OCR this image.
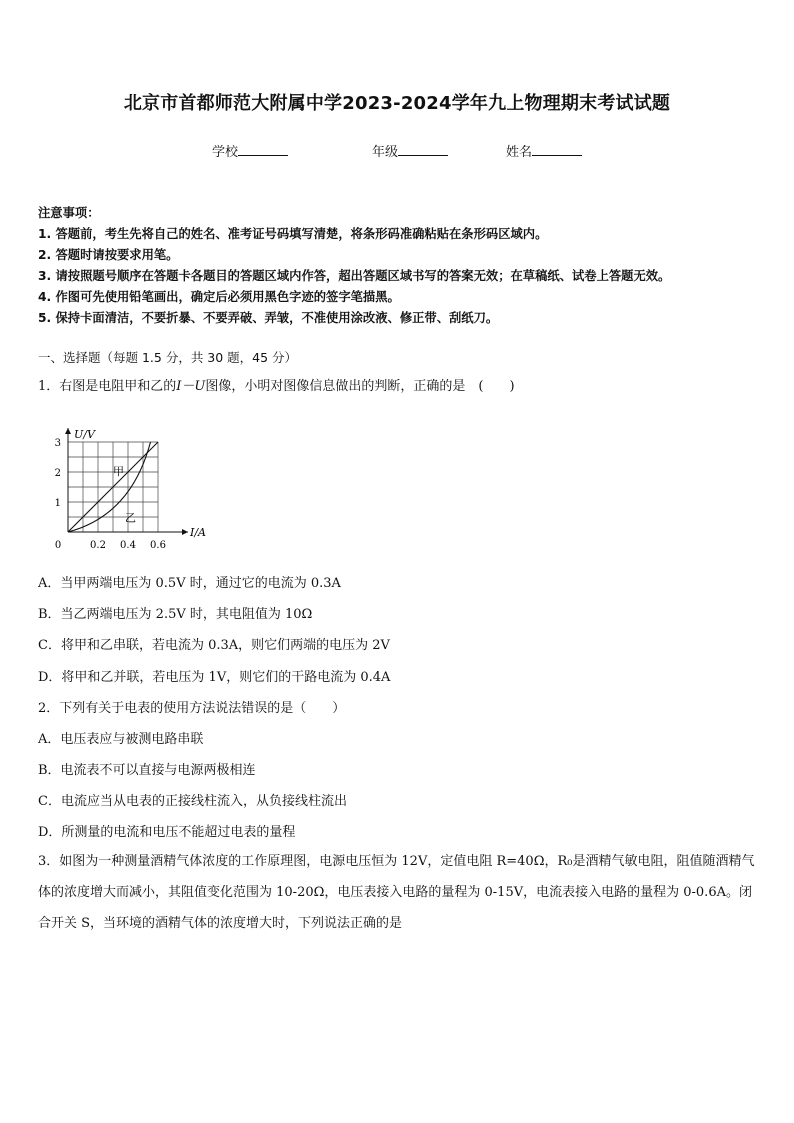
北京市首都师范大附属中学2023-2024学年九上物理期末考试试题
学校	年级	姓名
注意事项：
1. 答题前，考生先将自己的姓名、准考证号码填写清楚，将条形码准确粘贴在条形码区域内。
2. 答题时请按要求用笔。
3. 请按照题号顺序在答题卡各题目的答题区域内作答，超出答题区域书写的答案无效；在草稿纸、试卷上答题无效。
4. 作图可先使用铅笔画出，确定后必须用黑色字迹的签字笔描黑。
5. 保持卡面清洁，不要折暴、不要弄破、弄皱，不准使用涂改液、修正带、刮纸刀。
一、选择题（每题 1.5 分，共 30 题，45 分）
1．右图是电阻甲和乙的I－U图像，小明对图像信息做出的判断，正确的是　(　　)
甲
乙
0.2 0.4 0.6
1
2
3
0
I/A
U/V
A．当甲两端电压为 0.5V 时，通过它的电流为 0.3A
B．当乙两端电压为 2.5V 时，其电阻值为 10Ω
C．将甲和乙串联，若电流为 0.3A，则它们两端的电压为 2V
D．将甲和乙并联，若电压为 1V，则它们的干路电流为 0.4A
2．下列有关于电表的使用方法说法错误的是（　　）
A．电压表应与被测电路串联
B．电流表不可以直接与电源两极相连
C．电流应当从电表的正接线柱流入，从负接线柱流出
D．所测量的电流和电压不能超过电表的量程
3．如图为一种测量酒精气体浓度的工作原理图，电源电压恒为 12V，定值电阻 R=40Ω，R₀是酒精气敏电阻，阻值随酒精气体的浓度增大而减小，其阻值变化范围为 10-20Ω，电压表接入电路的量程为 0-15V，电流表接入电路的量程为 0-0.6A。闭合开关 S，当环境的酒精气体的浓度增大时，下列说法正确的是
